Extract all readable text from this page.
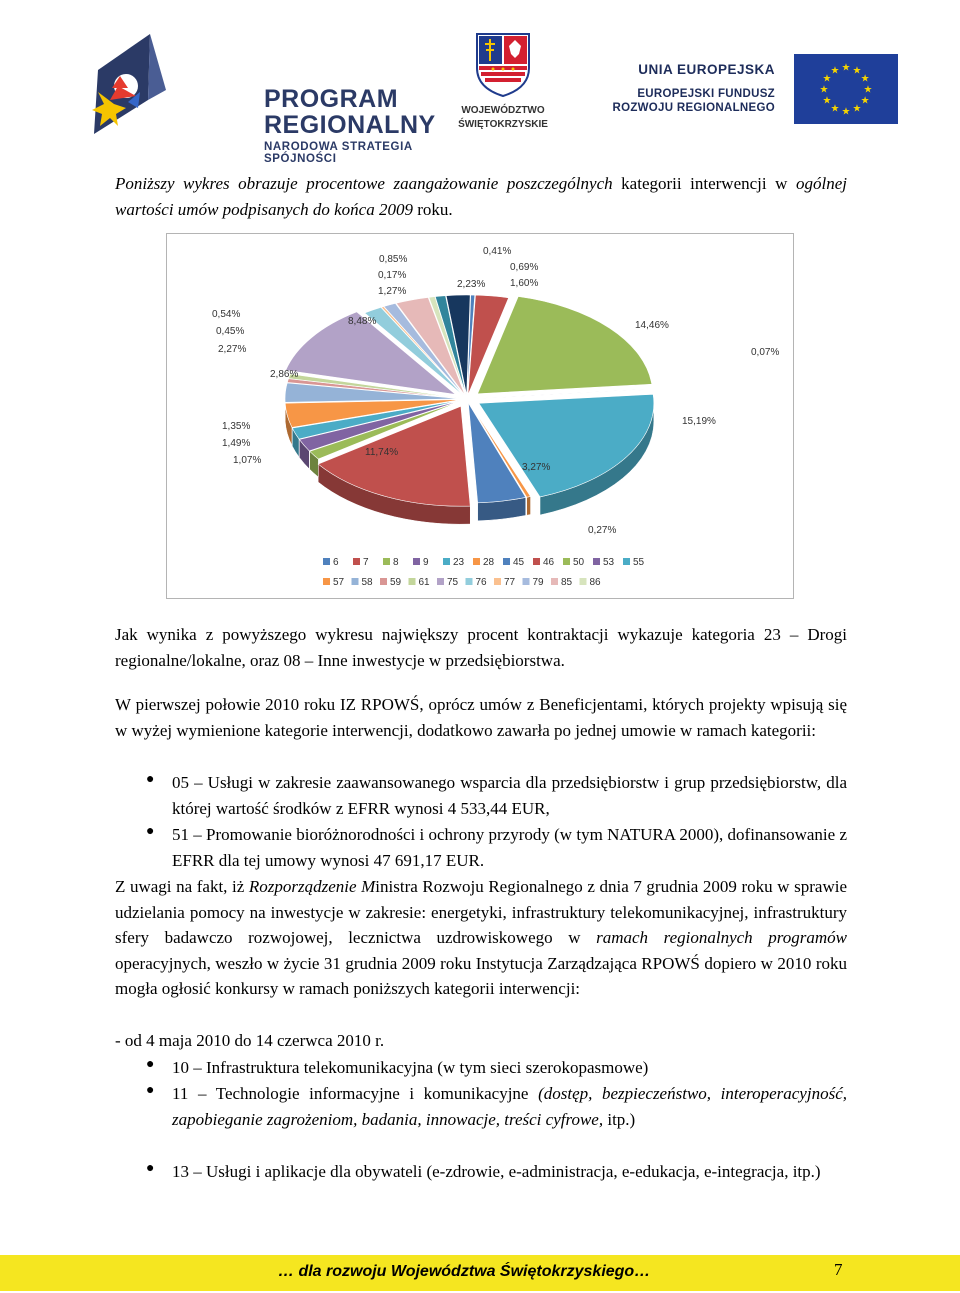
PROGRAM
REGIONALNY
NARODOWA STRATEGIA SPÓJNOŚCI
WOJEWÓDZTWO
ŚWIĘTOKRZYSKIE
UNIA EUROPEJSKA
EUROPEJSKI FUNDUSZ
ROZWOJU REGIONALNEGO
★
★
★
★
★
★
★
★
★ ★ ★
★

Poniższy wykres obrazuje procentowe zaangażowanie poszczególnych kategorii interwencji w ogólnej wartości umów podpisanych do końca 2009 roku.

0,85%
0,17%
1,27%
2,23%
0,41%
0,69%
1,60%
14,46%
0,07%
0,54%
0,45%
2,27%
8,48%
2,86%
1,35%
1,49%
1,07%
11,74%
3,27%
15,19%
0,27%
6 7 8 9 23 28 45 46 50 53 55
57 58 59 61 75 76 77 79 85 86

Jak wynika z powyższego wykresu największy procent kontraktacji wykazuje kategoria 23 – Drogi regionalne/lokalne, oraz 08 – Inne inwestycje w przedsiębiorstwa.

W pierwszej połowie 2010 roku IZ RPOWŚ, oprócz umów z Beneficjentami, których projekty wpisują się w wyżej wymienione kategorie interwencji, dodatkowo zawarła po jednej umowie w ramach kategorii:

● 05 – Usługi w zakresie zaawansowanego wsparcia dla przedsiębiorstw i grup przedsiębiorstw, dla której wartość środków z EFRR wynosi 4 533,44 EUR,

● 51 – Promowanie bioróżnorodności i ochrony przyrody (w tym NATURA 2000), dofinansowanie z EFRR dla tej umowy wynosi 47 691,17 EUR.

Z uwagi na fakt, iż Rozporządzenie Ministra Rozwoju Regionalnego z dnia 7 grudnia 2009 roku w sprawie udzielania pomocy na inwestycje w zakresie: energetyki, infrastruktury telekomunikacyjnej, infrastruktury sfery badawczo rozwojowej, lecznictwa uzdrowiskowego w ramach regionalnych programów operacyjnych, weszło w życie 31 grudnia 2009 roku Instytucja Zarządzająca RPOWŚ dopiero w 2010 roku mogła ogłosić konkursy w ramach poniższych kategorii interwencji:

- od 4 maja 2010 do 14 czerwca 2010 r.

● 10 – Infrastruktura telekomunikacyjna (w tym sieci szerokopasmowe)

● 11 – Technologie informacyjne i komunikacyjne (dostęp, bezpieczeństwo, interoperacyjność, zapobieganie zagrożeniom, badania, innowacje, treści cyfrowe, itp.)

● 13 – Usługi i aplikacje dla obywateli (e-zdrowie, e-administracja, e-edukacja, e-integracja, itp.)

… dla rozwoju Województwa Świętokrzyskiego…	7
